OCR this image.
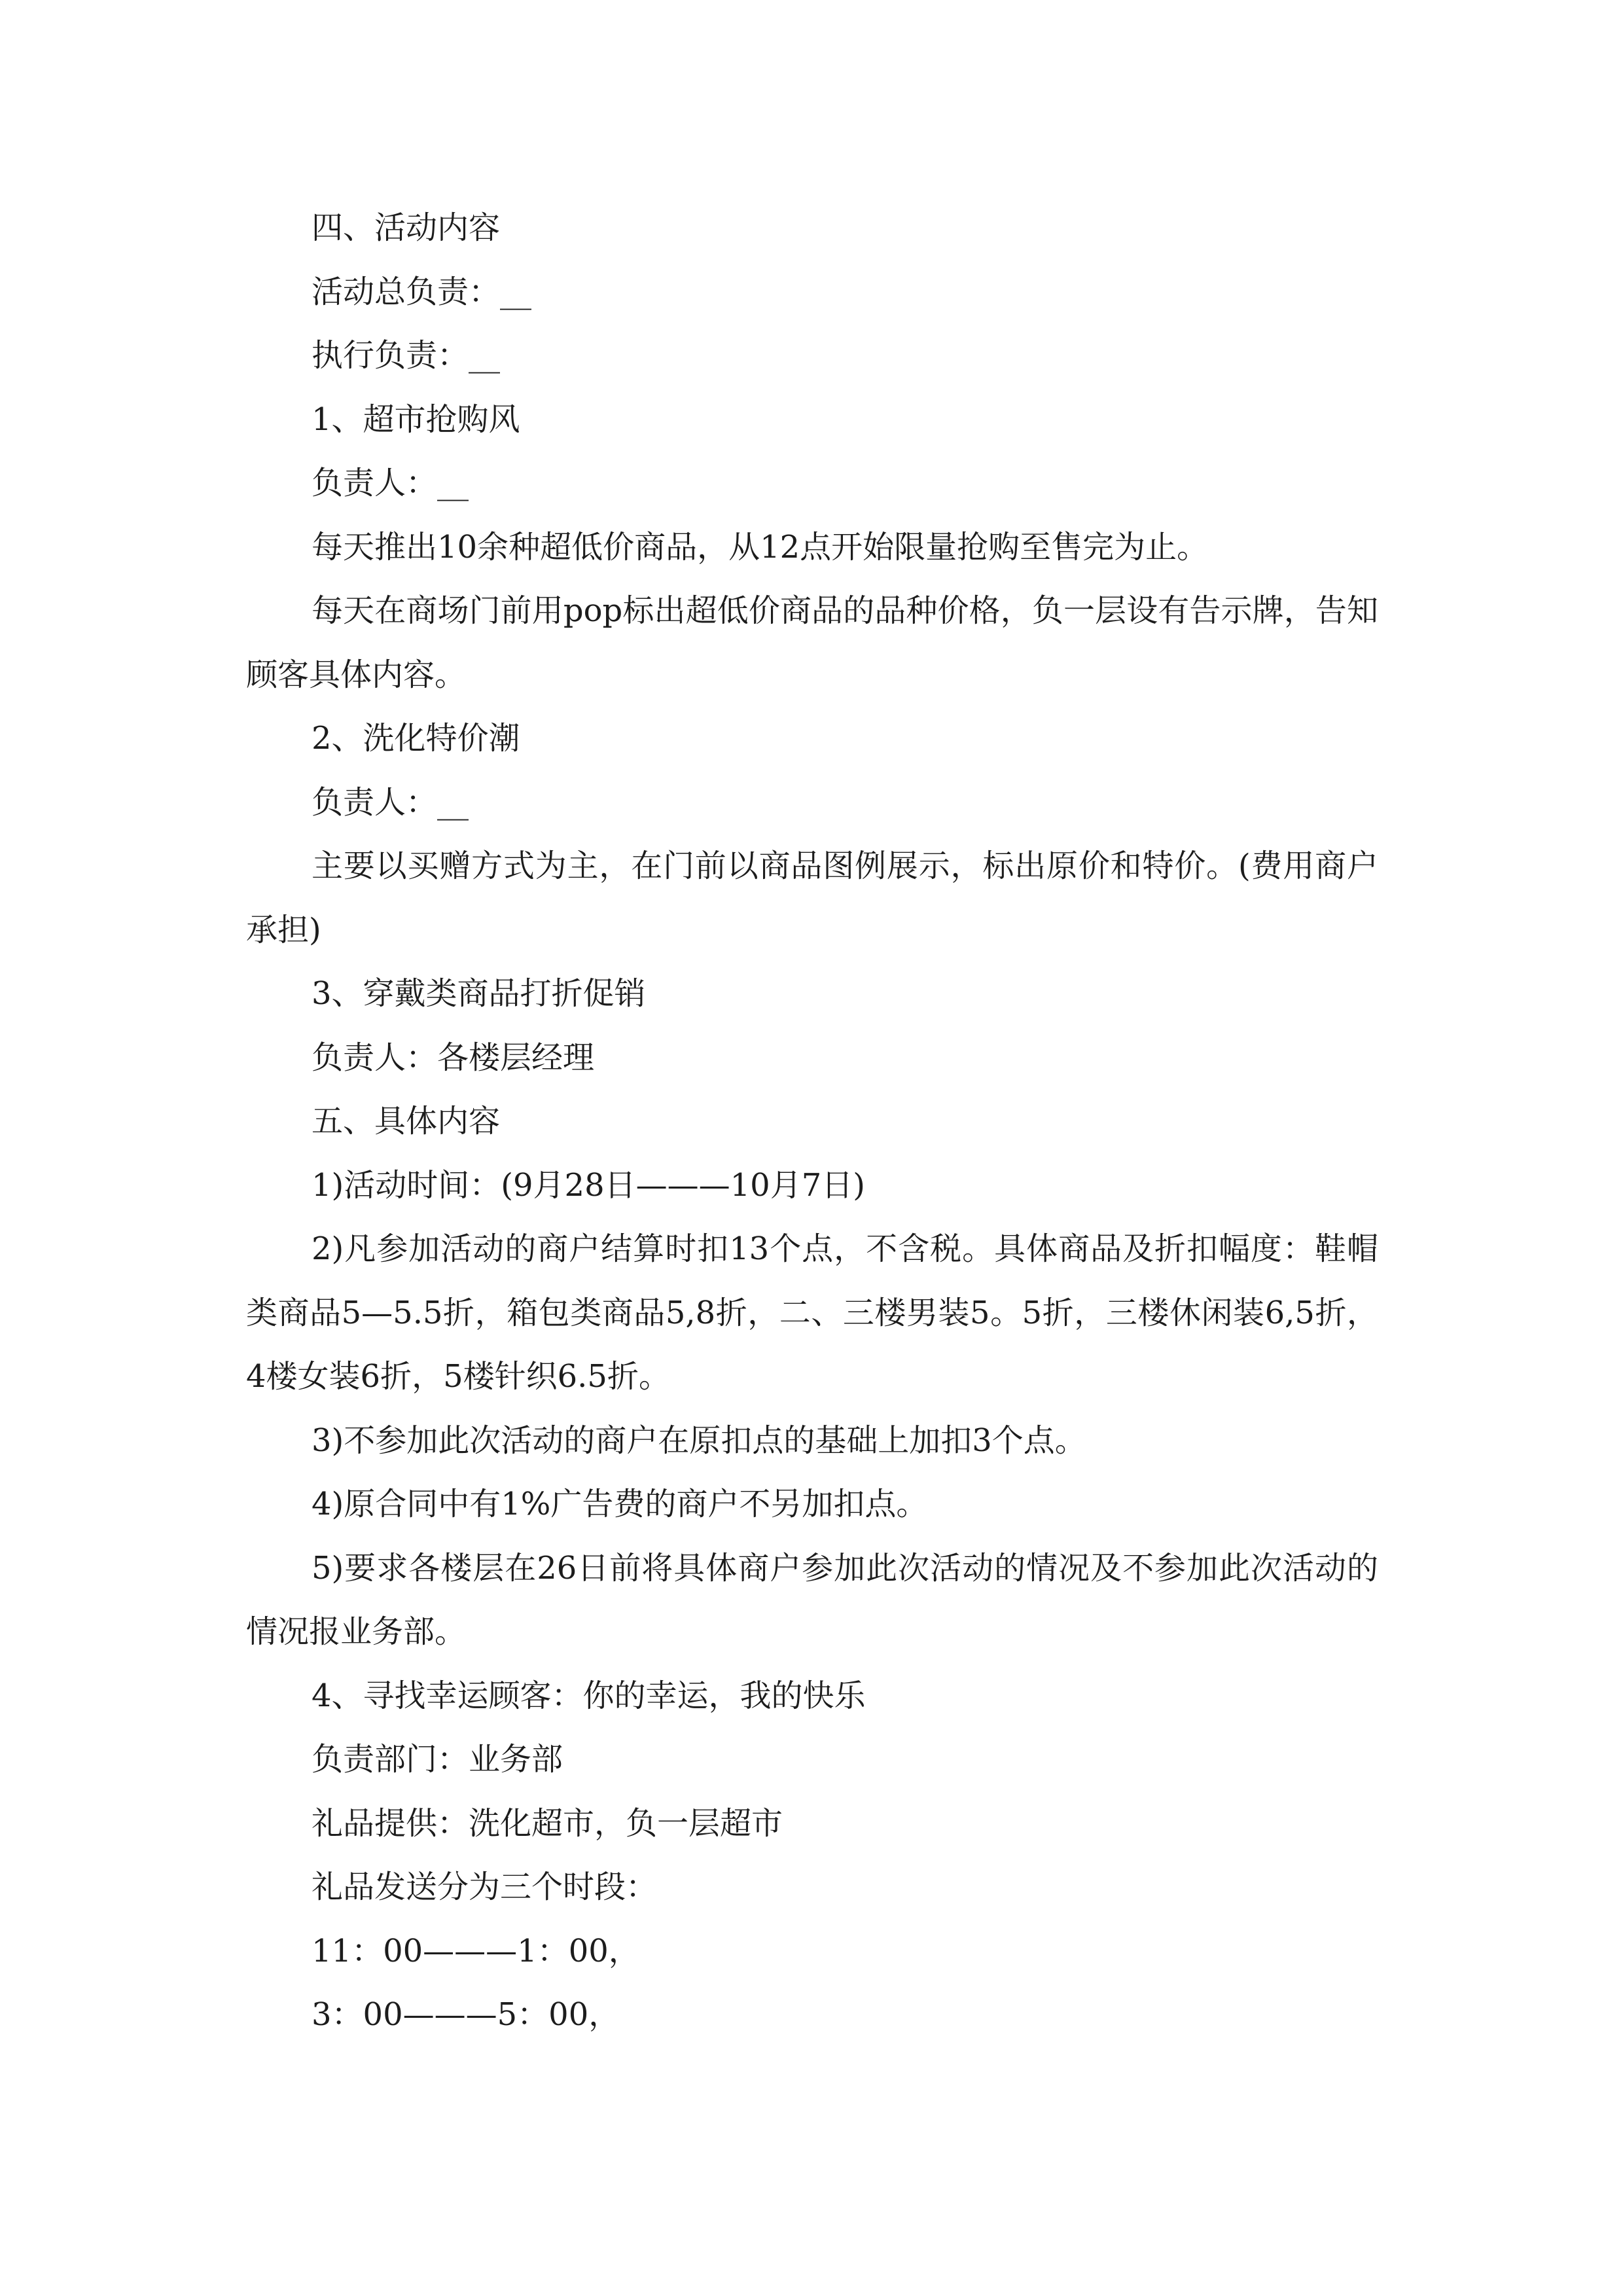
四、活动内容

活动总负责：__

执行负责：__

1、超市抢购风

负责人：__

每天推出10余种超低价商品，从12点开始限量抢购至售完为止。

每天在商场门前用pop标出超低价商品的品种价格，负一层设有告示牌，告知顾客具体内容。

2、洗化特价潮

负责人：__

主要以买赠方式为主，在门前以商品图例展示，标出原价和特价。(费用商户承担)

3、穿戴类商品打折促销

负责人：各楼层经理

五、具体内容

1)活动时间：(9月28日———10月7日)

2)凡参加活动的商户结算时扣13个点，不含税。具体商品及折扣幅度：鞋帽类商品5—5.5折，箱包类商品5,8折，二、三楼男装5。5折，三楼休闲装6,5折，4楼女装6折，5楼针织6.5折。

3)不参加此次活动的商户在原扣点的基础上加扣3个点。

4)原合同中有1%广告费的商户不另加扣点。

5)要求各楼层在26日前将具体商户参加此次活动的情况及不参加此次活动的情况报业务部。

4、寻找幸运顾客：你的幸运，我的快乐

负责部门：业务部

礼品提供：洗化超市，负一层超市

礼品发送分为三个时段：

11：00———1：00，

3：00———5：00，
